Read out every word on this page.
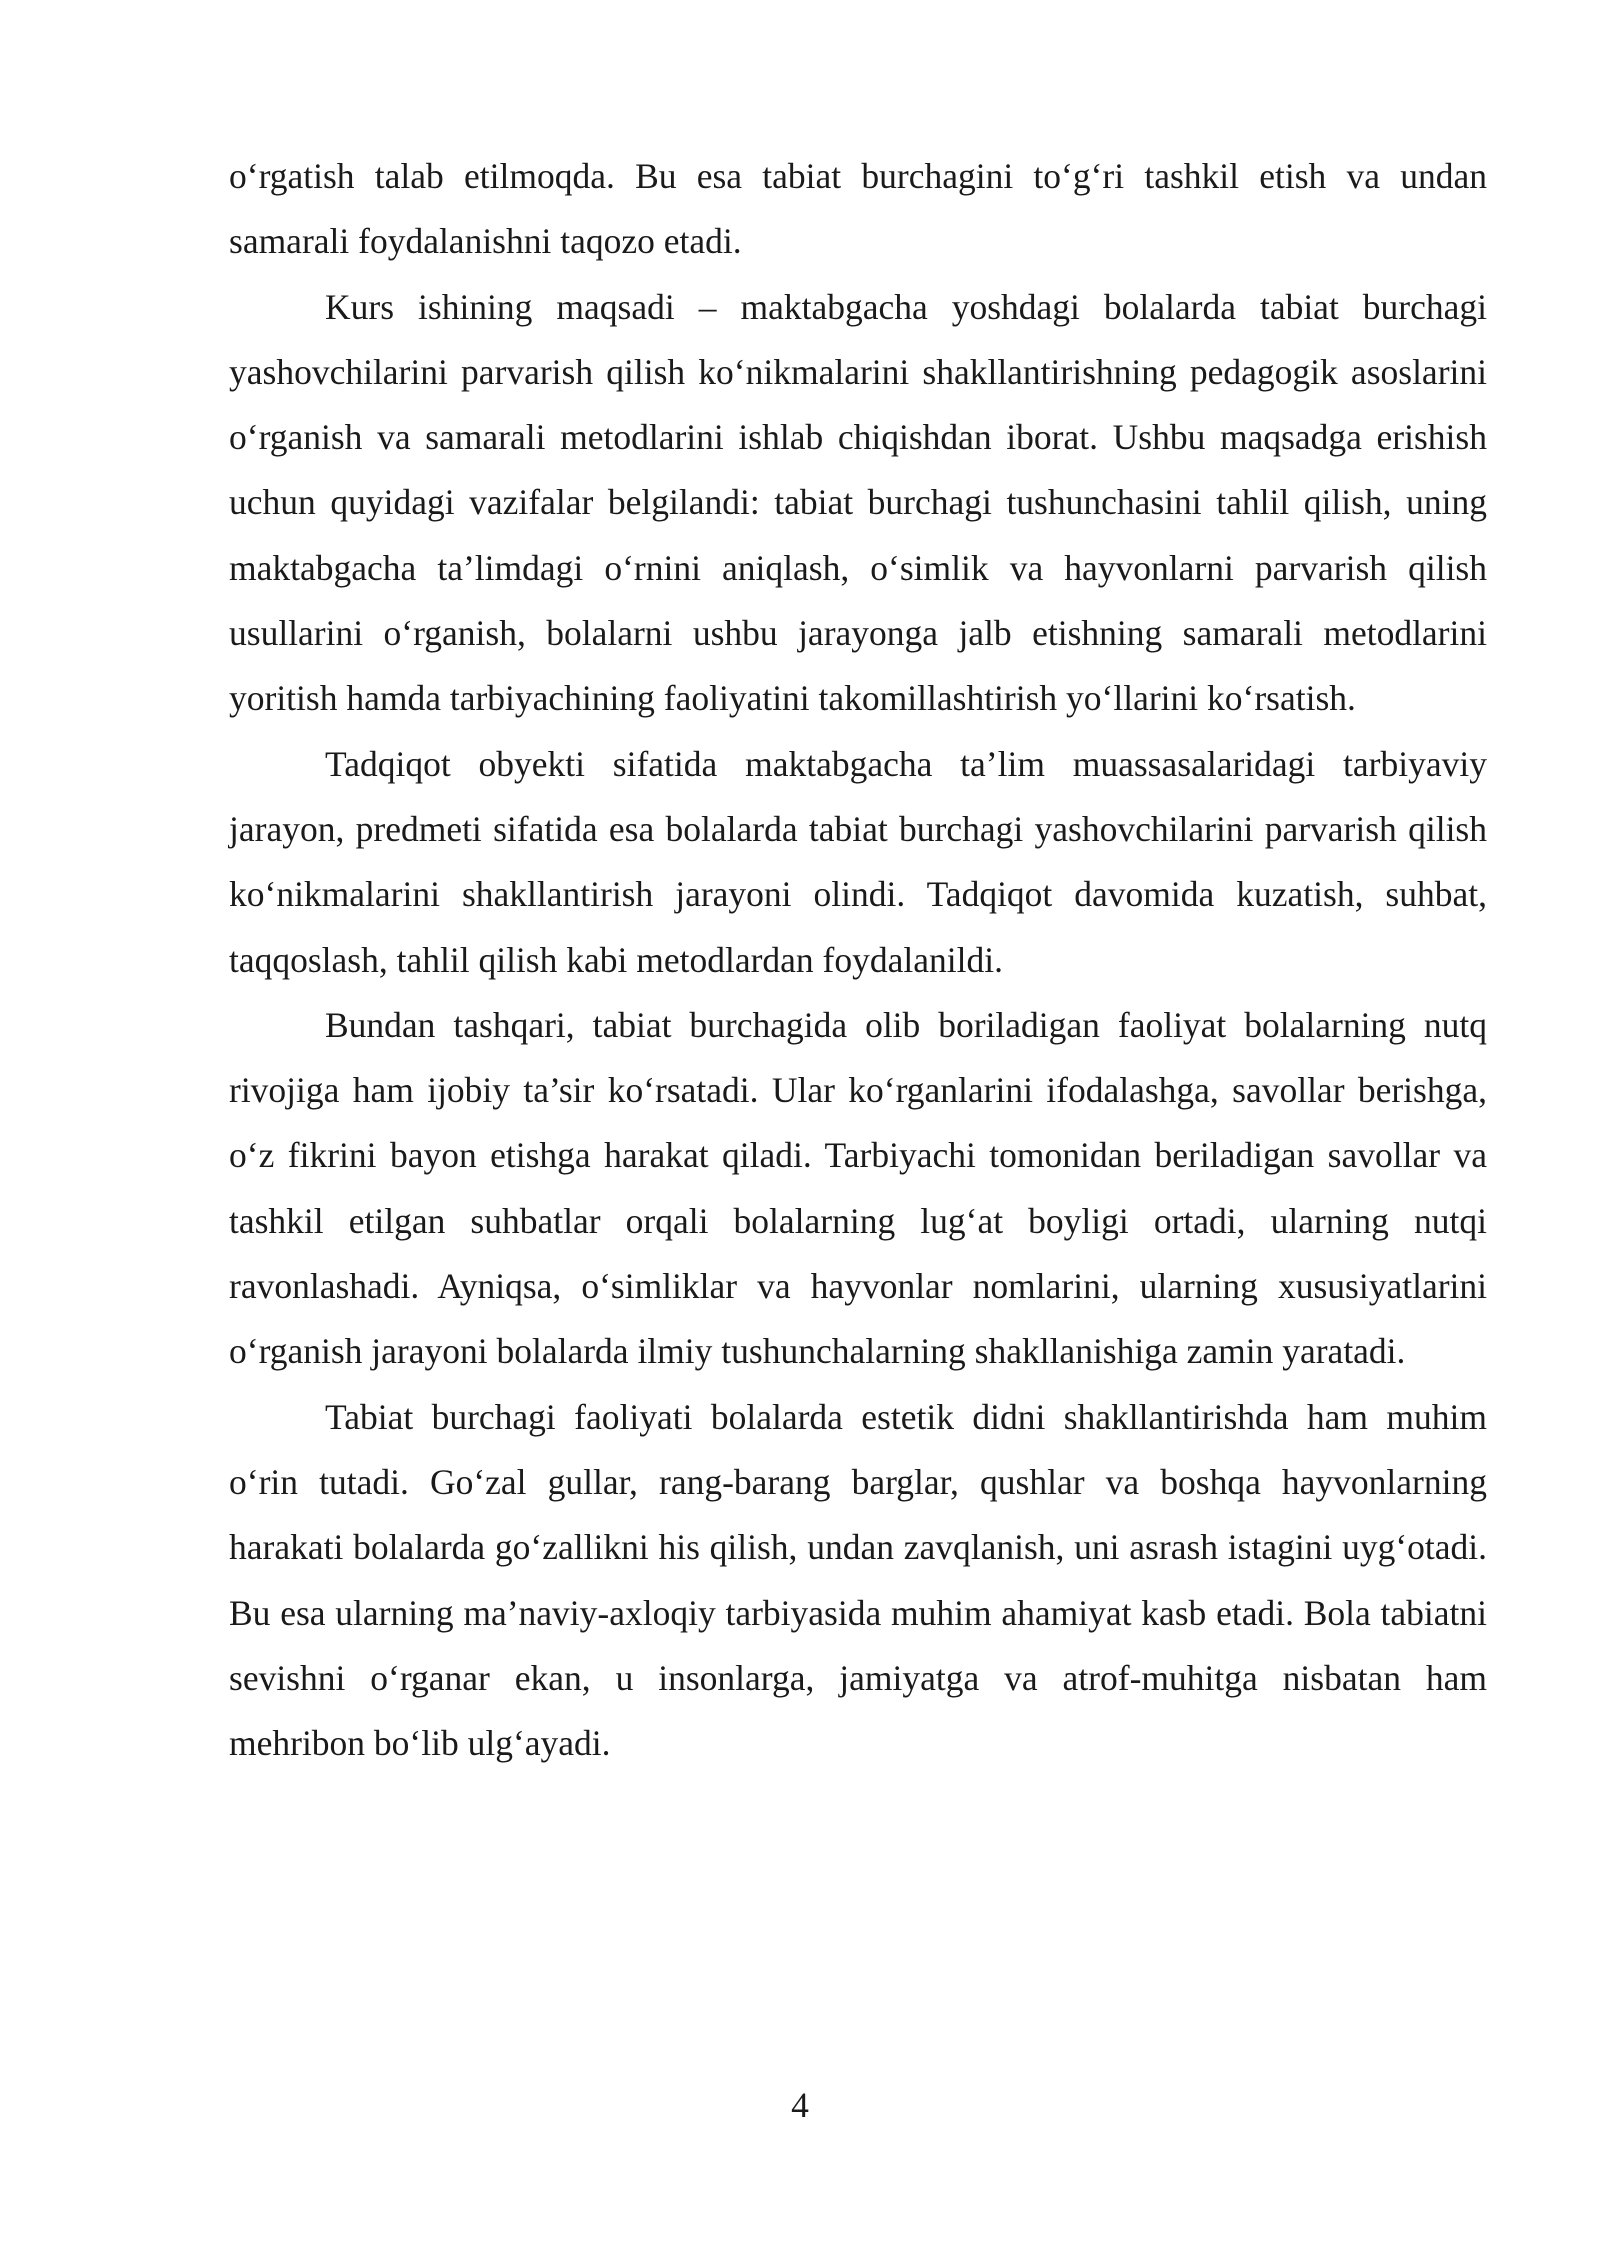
o‘rgatish talab etilmoqda. Bu esa tabiat burchagini to‘g‘ri tashkil etish va undan samarali foydalanishni taqozo etadi.

Kurs ishining maqsadi – maktabgacha yoshdagi bolalarda tabiat burchagi yashovchilarini parvarish qilish ko‘nikmalarini shakllantirishning pedagogik asoslarini o‘rganish va samarali metodlarini ishlab chiqishdan iborat. Ushbu maqsadga erishish uchun quyidagi vazifalar belgilandi: tabiat burchagi tushunchasini tahlil qilish, uning maktabgacha ta’limdagi o‘rnini aniqlash, o‘simlik va hayvonlarni parvarish qilish usullarini o‘rganish, bolalarni ushbu jarayonga jalb etishning samarali metodlarini yoritish hamda tarbiyachining faoliyatini takomillashtirish yo‘llarini ko‘rsatish.

Tadqiqot obyekti sifatida maktabgacha ta’lim muassasalaridagi tarbiyaviy jarayon, predmeti sifatida esa bolalarda tabiat burchagi yashovchilarini parvarish qilish ko‘nikmalarini shakllantirish jarayoni olindi. Tadqiqot davomida kuzatish, suhbat, taqqoslash, tahlil qilish kabi metodlardan foydalanildi.

Bundan tashqari, tabiat burchagida olib boriladigan faoliyat bolalarning nutq rivojiga ham ijobiy ta’sir ko‘rsatadi. Ular ko‘rganlarini ifodalashga, savollar berishga, o‘z fikrini bayon etishga harakat qiladi. Tarbiyachi tomonidan beriladigan savollar va tashkil etilgan suhbatlar orqali bolalarning lug‘at boyligi ortadi, ularning nutqi ravonlashadi. Ayniqsa, o‘simliklar va hayvonlar nomlarini, ularning xususiyatlarini o‘rganish jarayoni bolalarda ilmiy tushunchalarning shakllanishiga zamin yaratadi.

Tabiat burchagi faoliyati bolalarda estetik didni shakllantirishda ham muhim o‘rin tutadi. Go‘zal gullar, rang-barang barglar, qushlar va boshqa hayvonlarning harakati bolalarda go‘zallikni his qilish, undan zavqlanish, uni asrash istagini uyg‘otadi. Bu esa ularning ma’naviy-axloqiy tarbiyasida muhim ahamiyat kasb etadi. Bola tabiatni sevishni o‘rganar ekan, u insonlarga, jamiyatga va atrof-muhitga nisbatan ham mehribon bo‘lib ulg‘ayadi.

4
